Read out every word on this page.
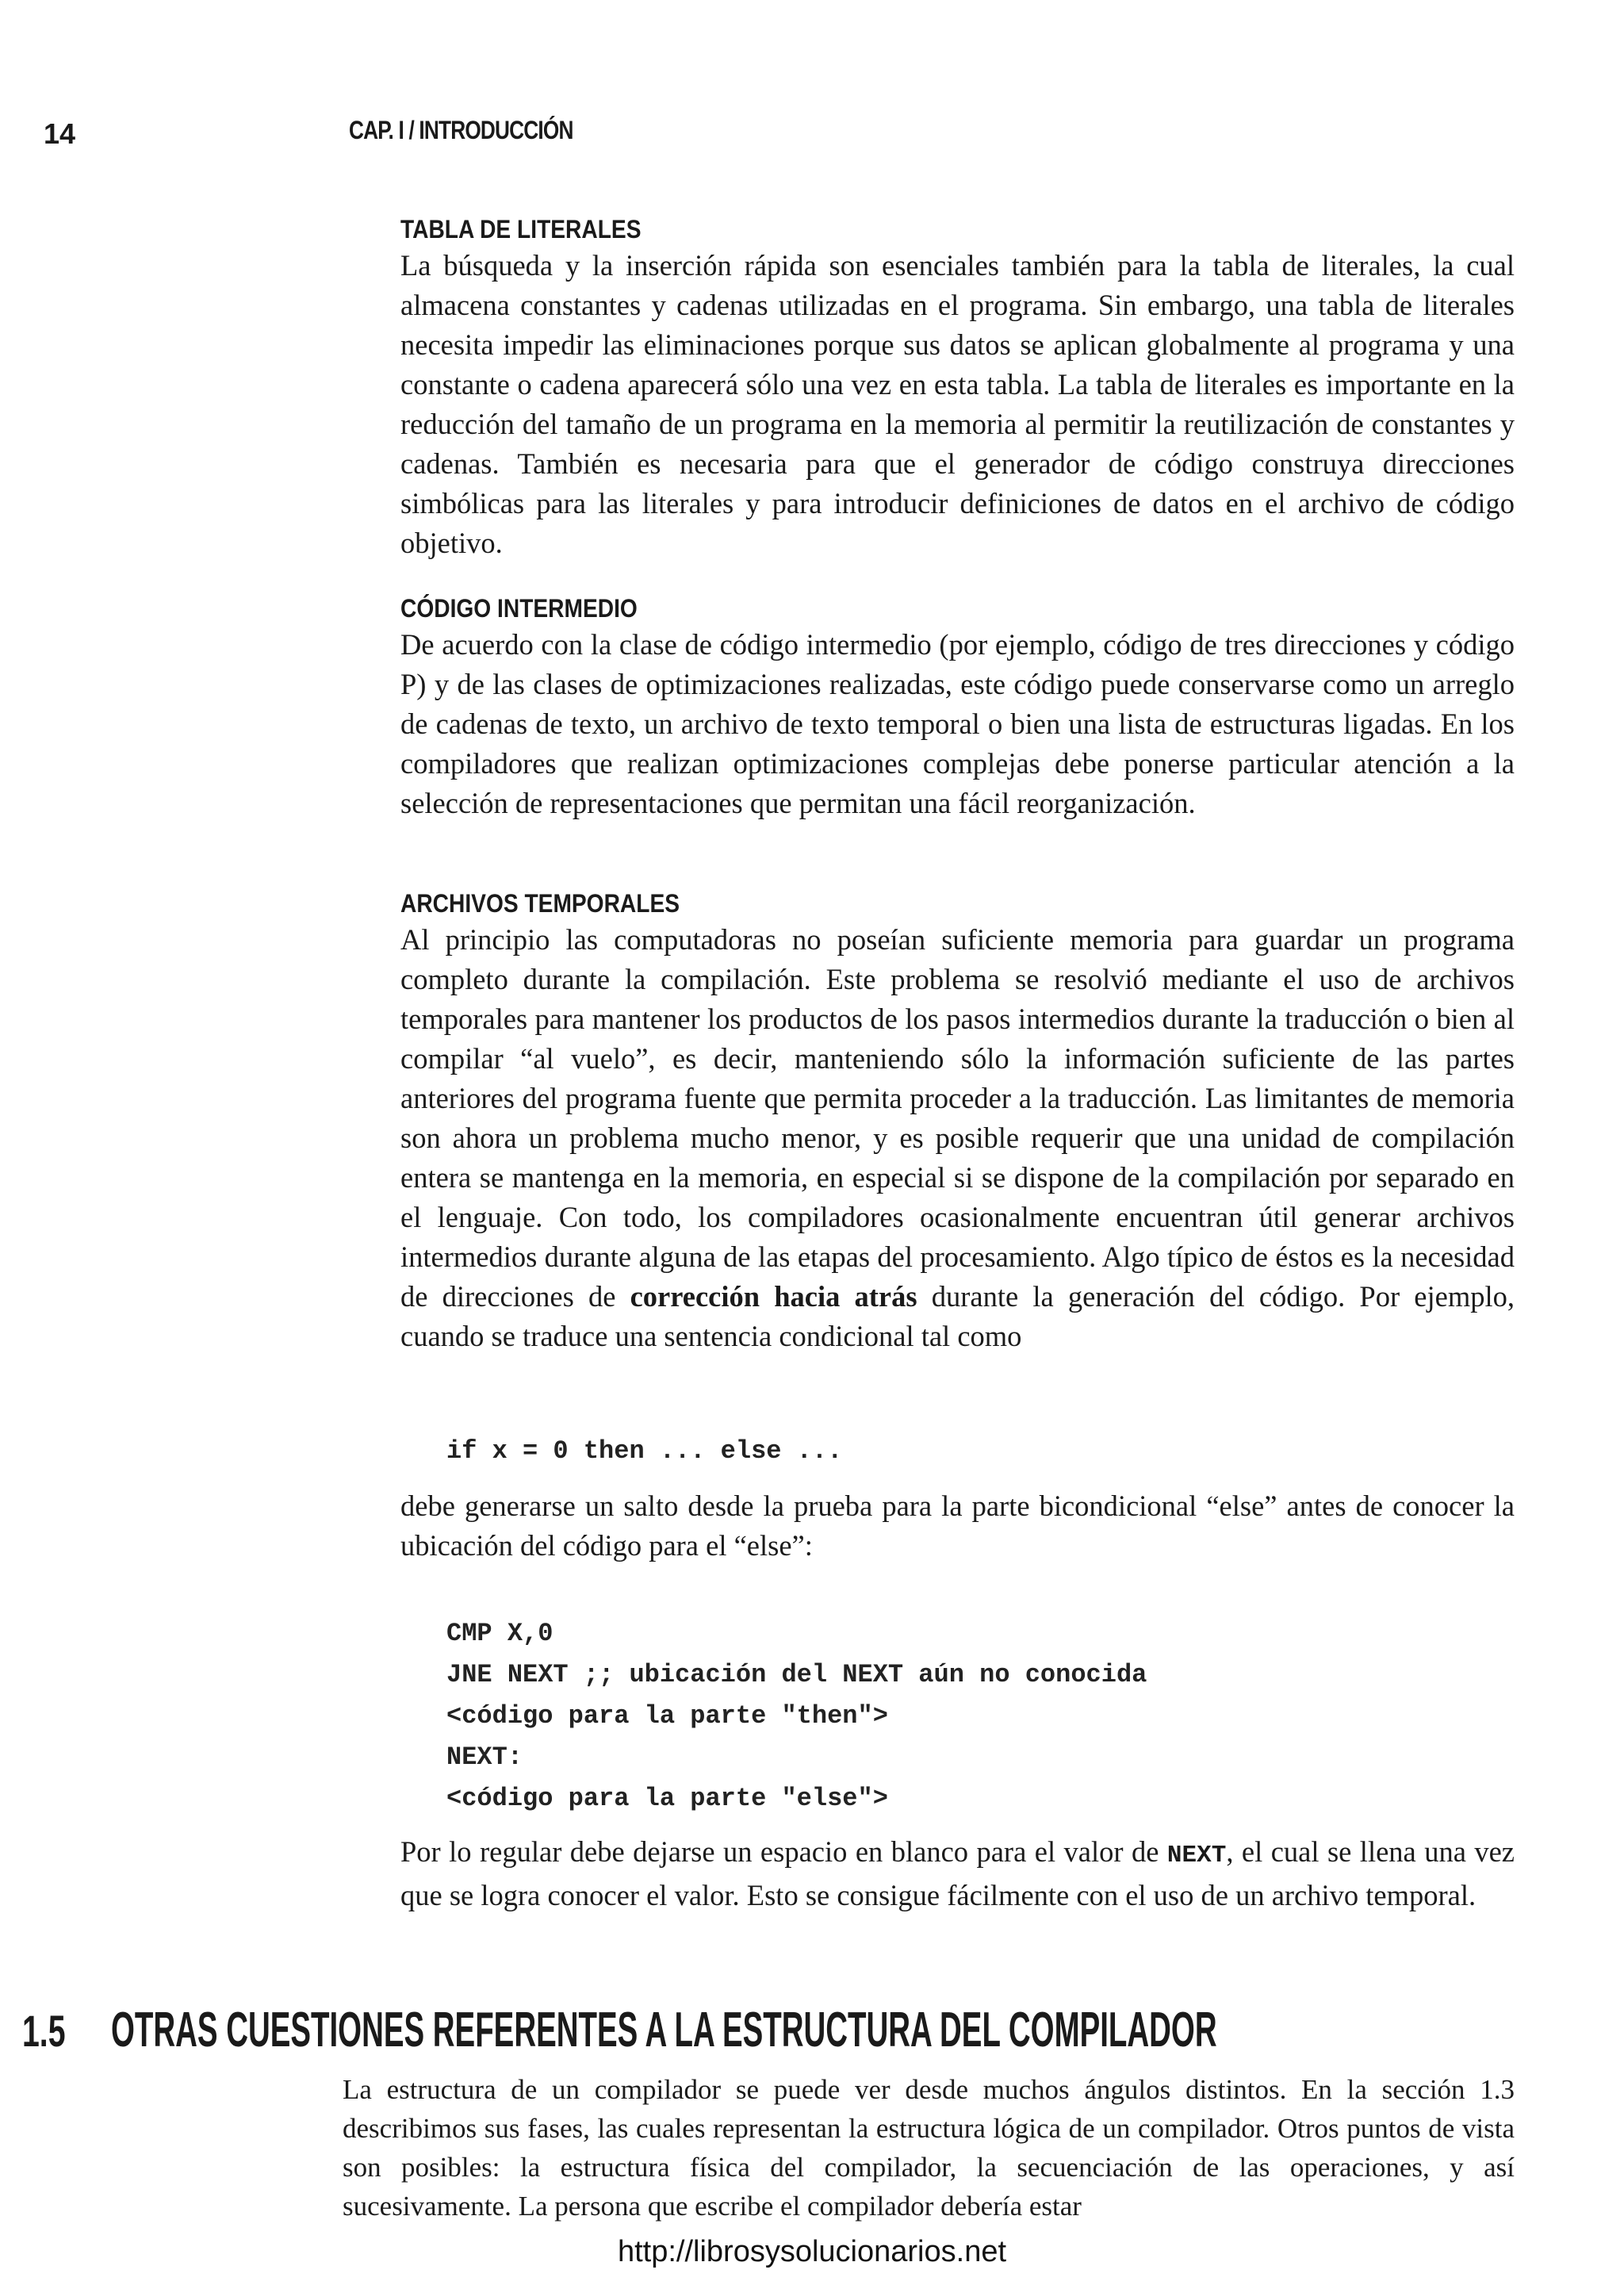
14	CAP. I / INTRODUCCIÓN
TABLA DE LITERALES

La búsqueda y la inserción rápida son esenciales también para la tabla de literales, la cual almacena constantes y cadenas utilizadas en el programa. Sin embargo, una tabla de literales necesita impedir las eliminaciones porque sus datos se aplican globalmente al programa y una constante o cadena aparecerá sólo una vez en esta tabla. La tabla de literales es importante en la reducción del tamaño de un programa en la memoria al permitir la reutilización de constantes y cadenas. También es necesaria para que el generador de código construya direcciones simbólicas para las literales y para introducir definiciones de datos en el archivo de código objetivo.

CÓDIGO INTERMEDIO

De acuerdo con la clase de código intermedio (por ejemplo, código de tres direcciones y código P) y de las clases de optimizaciones realizadas, este código puede conservarse como un arreglo de cadenas de texto, un archivo de texto temporal o bien una lista de estructuras ligadas. En los compiladores que realizan optimizaciones complejas debe ponerse particular atención a la selección de representaciones que permitan una fácil reorganización.

ARCHIVOS TEMPORALES

Al principio las computadoras no poseían suficiente memoria para guardar un programa completo durante la compilación. Este problema se resolvió mediante el uso de archivos temporales para mantener los productos de los pasos intermedios durante la traducción o bien al compilar “al vuelo”, es decir, manteniendo sólo la información suficiente de las partes anteriores del programa fuente que permita proceder a la traducción. Las limitantes de memoria son ahora un problema mucho menor, y es posible requerir que una unidad de compilación entera se mantenga en la memoria, en especial si se dispone de la compilación por separado en el lenguaje. Con todo, los compiladores ocasionalmente encuentran útil generar archivos intermedios durante alguna de las etapas del procesamiento. Algo típico de éstos es la necesidad de direcciones de corrección hacia atrás durante la generación del código. Por ejemplo, cuando se traduce una sentencia condicional tal como

if x = 0 then ... else ...

debe generarse un salto desde la prueba para la parte bicondicional “else” antes de conocer la ubicación del código para el “else”:

CMP X,0
JNE NEXT ;; ubicación del NEXT aún no conocida
<código para la parte "then">
NEXT:
<código para la parte "else">

Por lo regular debe dejarse un espacio en blanco para el valor de NEXT, el cual se llena una vez que se logra conocer el valor. Esto se consigue fácilmente con el uso de un archivo temporal.

1.5 OTRAS CUESTIONES REFERENTES A LA ESTRUCTURA DEL COMPILADOR

La estructura de un compilador se puede ver desde muchos ángulos distintos. En la sección 1.3 describimos sus fases, las cuales representan la estructura lógica de un compilador. Otros puntos de vista son posibles: la estructura física del compilador, la secuenciación de las operaciones, y así sucesivamente. La persona que escribe el compilador debería estar

http://librosysolucionarios.net
